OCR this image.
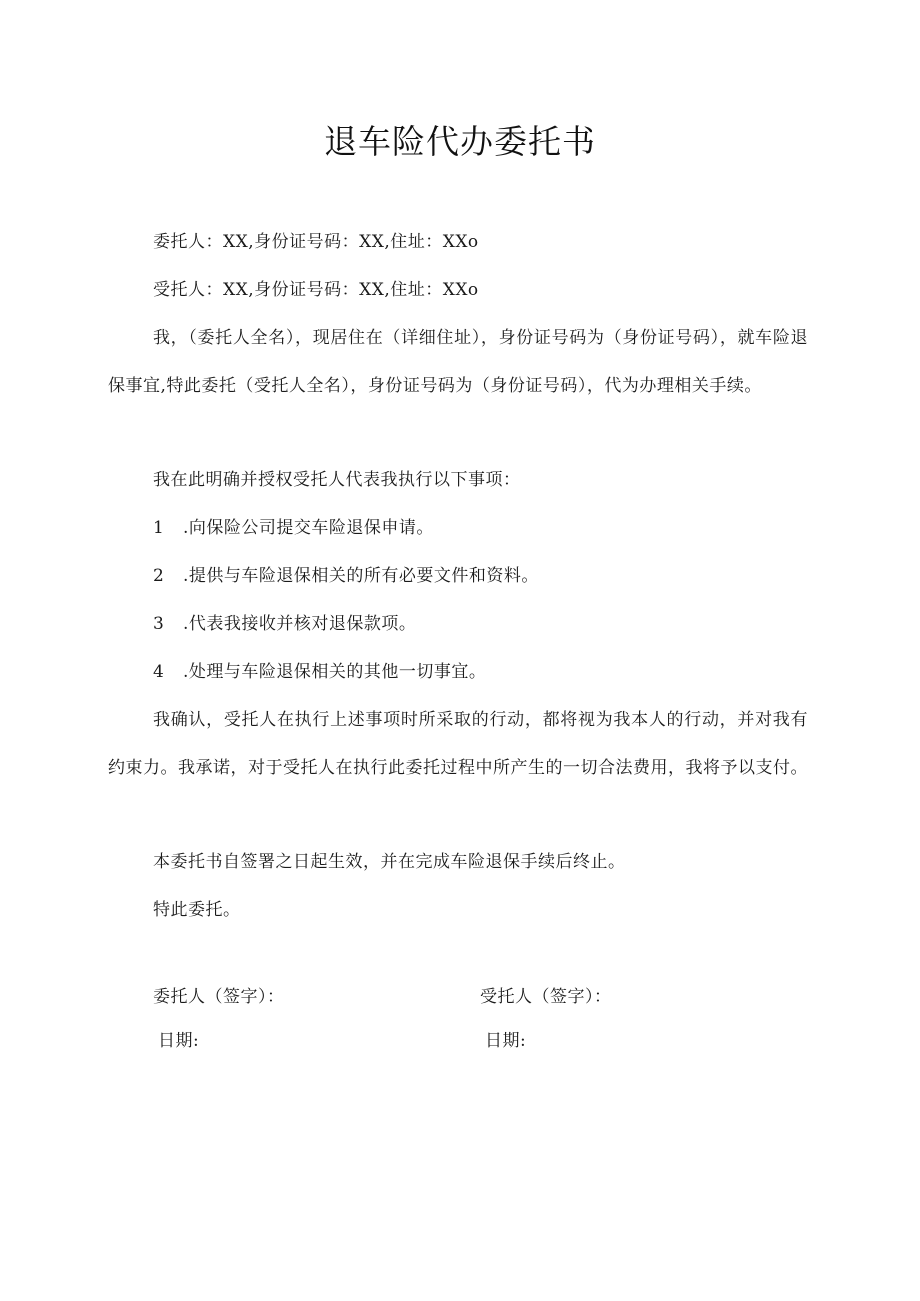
退车险代办委托书
委托人：XX,身份证号码：XX,住址：XXo
受托人：XX,身份证号码：XX,住址：XXo
我，（委托人全名），现居住在（详细住址），身份证号码为（身份证号码），就车险退保事宜,特此委托（受托人全名），身份证号码为（身份证号码），代为办理相关手续。
我在此明确并授权受托人代表我执行以下事项：
1 .向保险公司提交车险退保申请。
2 .提供与车险退保相关的所有必要文件和资料。
3 .代表我接收并核对退保款项。
4 .处理与车险退保相关的其他一切事宜。
我确认，受托人在执行上述事项时所采取的行动，都将视为我本人的行动，并对我有约束力。我承诺，对于受托人在执行此委托过程中所产生的一切合法费用，我将予以支付。
本委托书自签署之日起生效，并在完成车险退保手续后终止。
特此委托。
委托人（签字）：	受托人（签字）：
日期:	日期:
